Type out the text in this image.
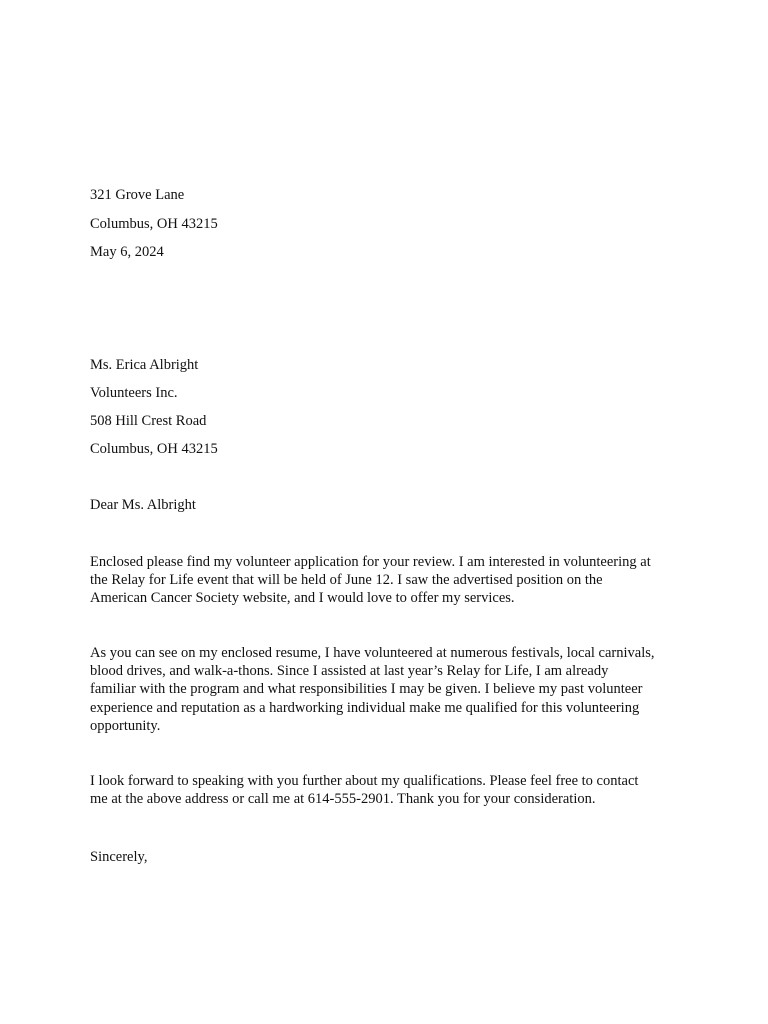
321 Grove Lane
Columbus, OH 43215
May 6, 2024
Ms. Erica Albright
Volunteers Inc.
508 Hill Crest Road
Columbus, OH 43215
Dear Ms. Albright
Enclosed please find my volunteer application for your review. I am interested in volunteering at
the Relay for Life event that will be held of June 12. I saw the advertised position on the
American Cancer Society website, and I would love to offer my services.
As you can see on my enclosed resume, I have volunteered at numerous festivals, local carnivals,
blood drives, and walk-a-thons. Since I assisted at last year’s Relay for Life, I am already
familiar with the program and what responsibilities I may be given. I believe my past volunteer
experience and reputation as a hardworking individual make me qualified for this volunteering
opportunity.
I look forward to speaking with you further about my qualifications. Please feel free to contact
me at the above address or call me at 614-555-2901. Thank you for your consideration.
Sincerely,
